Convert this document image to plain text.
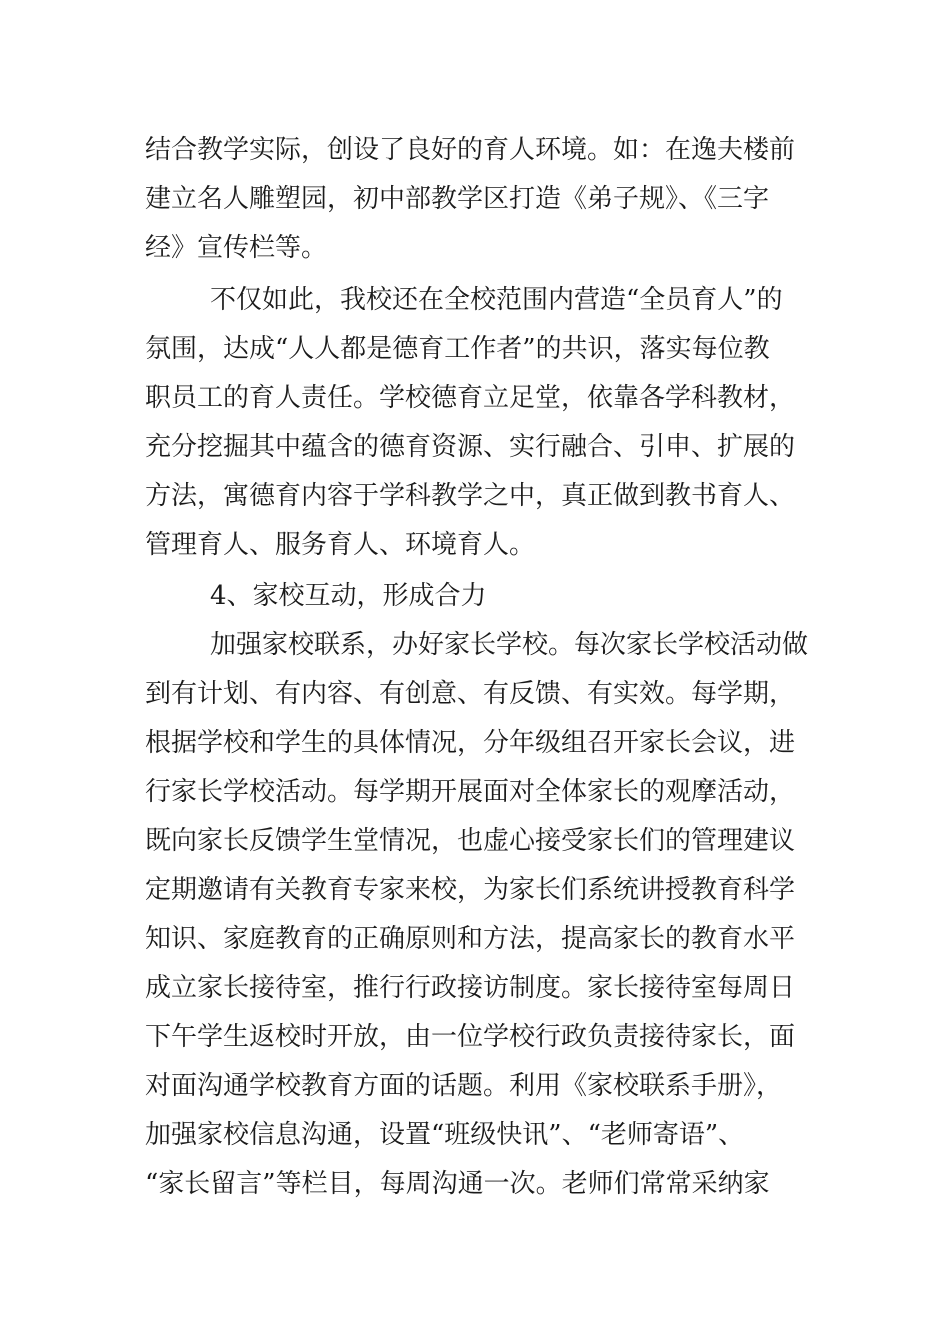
结合教学实际，创设了良好的育人环境。如：在逸夫楼前
建立名人雕塑园，初中部教学区打造《弟子规》、《三字
经》宣传栏等。
不仅如此，我校还在全校范围内营造“全员育人”的
氛围，达成“人人都是德育工作者”的共识，落实每位教
职员工的育人责任。学校德育立足堂，依靠各学科教材，
充分挖掘其中蕴含的德育资源、实行融合、引申、扩展的
方法，寓德育内容于学科教学之中，真正做到教书育人、
管理育人、服务育人、环境育人。
4、家校互动，形成合力
加强家校联系，办好家长学校。每次家长学校活动做
到有计划、有内容、有创意、有反馈、有实效。每学期，
根据学校和学生的具体情况，分年级组召开家长会议，进
行家长学校活动。每学期开展面对全体家长的观摩活动，
既向家长反馈学生堂情况，也虚心接受家长们的管理建议
定期邀请有关教育专家来校，为家长们系统讲授教育科学
知识、家庭教育的正确原则和方法，提高家长的教育水平
成立家长接待室，推行行政接访制度。家长接待室每周日
下午学生返校时开放，由一位学校行政负责接待家长，面
对面沟通学校教育方面的话题。利用《家校联系手册》，
加强家校信息沟通，设置“班级快讯”、“老师寄语”、
“家长留言”等栏目，每周沟通一次。老师们常常采纳家
